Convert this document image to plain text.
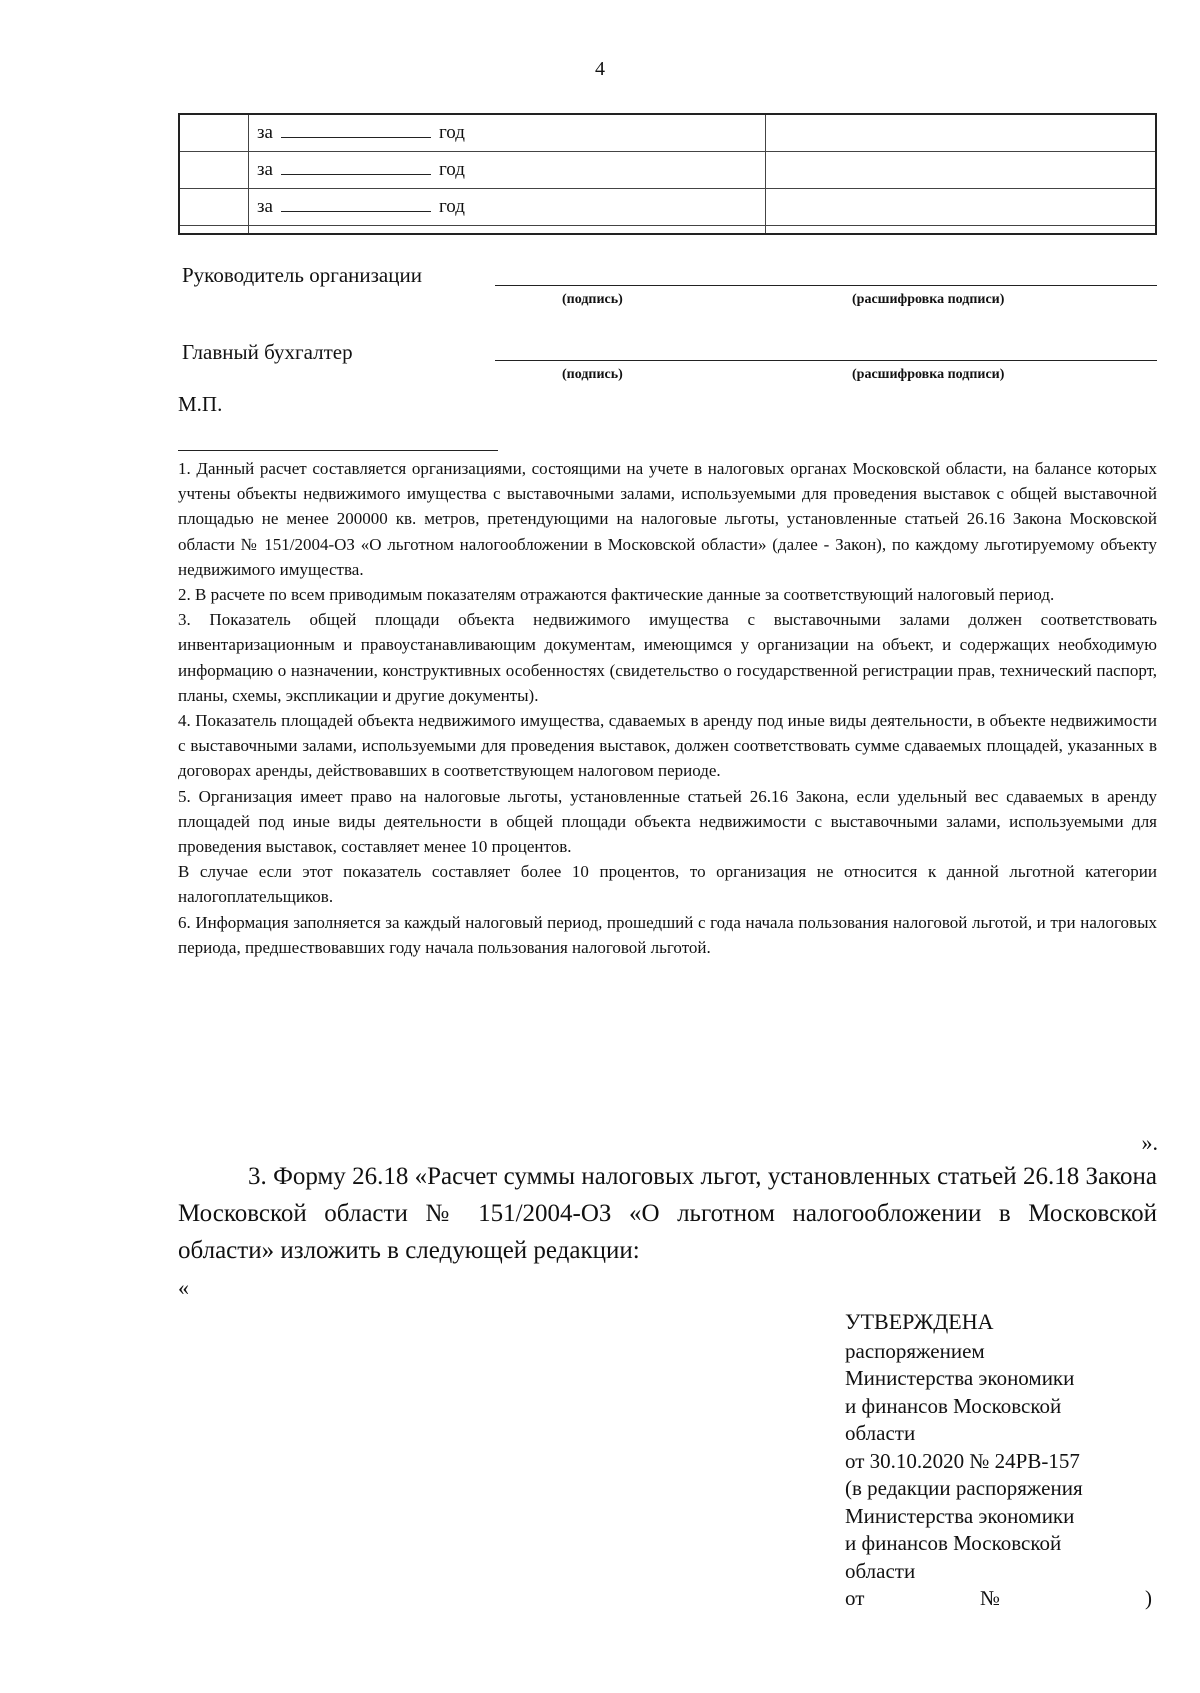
4
	за год	
	за год	
	за год	

Руководитель организации
(подпись)	(расшифровка подписи)
Главный бухгалтер
(подпись)	(расшифровка подписи)
М.П.

1. Данный расчет составляется организациями, состоящими на учете в налоговых органах Московской области, на балансе которых учтены объекты недвижимого имущества с выставочными залами, используемыми для проведения выставок с общей выставочной площадью не менее 200000 кв. метров, претендующими на налоговые льготы, установленные статьей 26.16 Закона Московской области № 151/2004-ОЗ «О льготном налогообложении в Московской области» (далее - Закон), по каждому льготируемому объекту недвижимого имущества.

2. В расчете по всем приводимым показателям отражаются фактические данные за соответствующий налоговый период.

3. Показатель общей площади объекта недвижимого имущества с выставочными залами должен соответствовать инвентаризационным и правоустанавливающим документам, имеющимся у организации на объект, и содержащих необходимую информацию о назначении, конструктивных особенностях (свидетельство о государственной регистрации прав, технический паспорт, планы, схемы, экспликации и другие документы).

4. Показатель площадей объекта недвижимого имущества, сдаваемых в аренду под иные виды деятельности, в объекте недвижимости с выставочными залами, используемыми для проведения выставок, должен соответствовать сумме сдаваемых площадей, указанных в договорах аренды, действовавших в соответствующем налоговом периоде.

5. Организация имеет право на налоговые льготы, установленные статьей 26.16 Закона, если удельный вес сдаваемых в аренду площадей под иные виды деятельности в общей площади объекта недвижимости с выставочными залами, используемыми для проведения выставок, составляет менее 10 процентов.

В случае если этот показатель составляет более 10 процентов, то организация не относится к данной льготной категории налогоплательщиков.

6. Информация заполняется за каждый налоговый период, прошедший с года начала пользования налоговой льготой, и три налоговых периода, предшествовавших году начала пользования налоговой льготой.

».
3. Форму 26.18 «Расчет суммы налоговых льгот, установленных статьей 26.18 Закона Московской области № 151/2004-ОЗ «О льготном налогообложении в Московской области» изложить в следующей редакции:
«
УТВЕРЖДЕНА
распоряжением
Министерства экономики
и финансов Московской
области
от 30.10.2020 № 24РВ-157
(в редакции распоряжения
Министерства экономики
и финансов Московской
области
от	№	)
